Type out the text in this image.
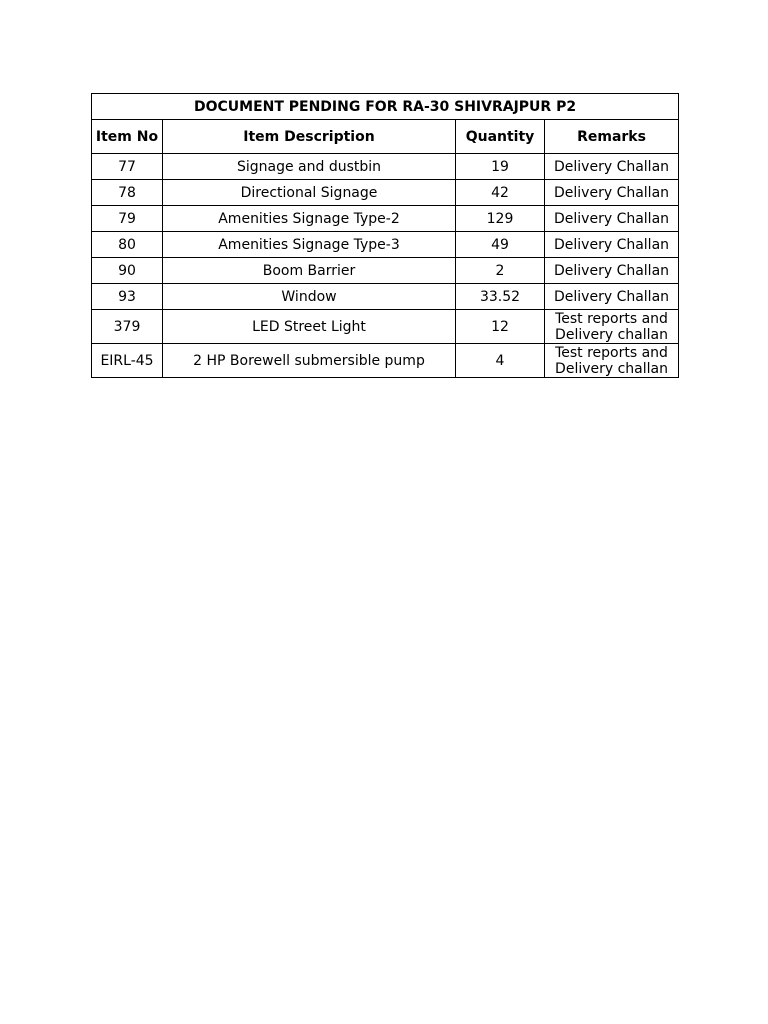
DOCUMENT PENDING FOR RA-30 SHIVRAJPUR P2			
Item No	Item Description	Quantity	Remarks
77	Signage and dustbin	19	Delivery Challan
78	Directional Signage	42	Delivery Challan
79	Amenities Signage Type-2	129	Delivery Challan
80	Amenities Signage Type-3	49	Delivery Challan
90	Boom Barrier	2	Delivery Challan
93	Window	33.52	Delivery Challan
379	LED Street Light	12	Test reports and Delivery challan
EIRL-45	2 HP Borewell submersible pump	4	Test reports and Delivery challan
